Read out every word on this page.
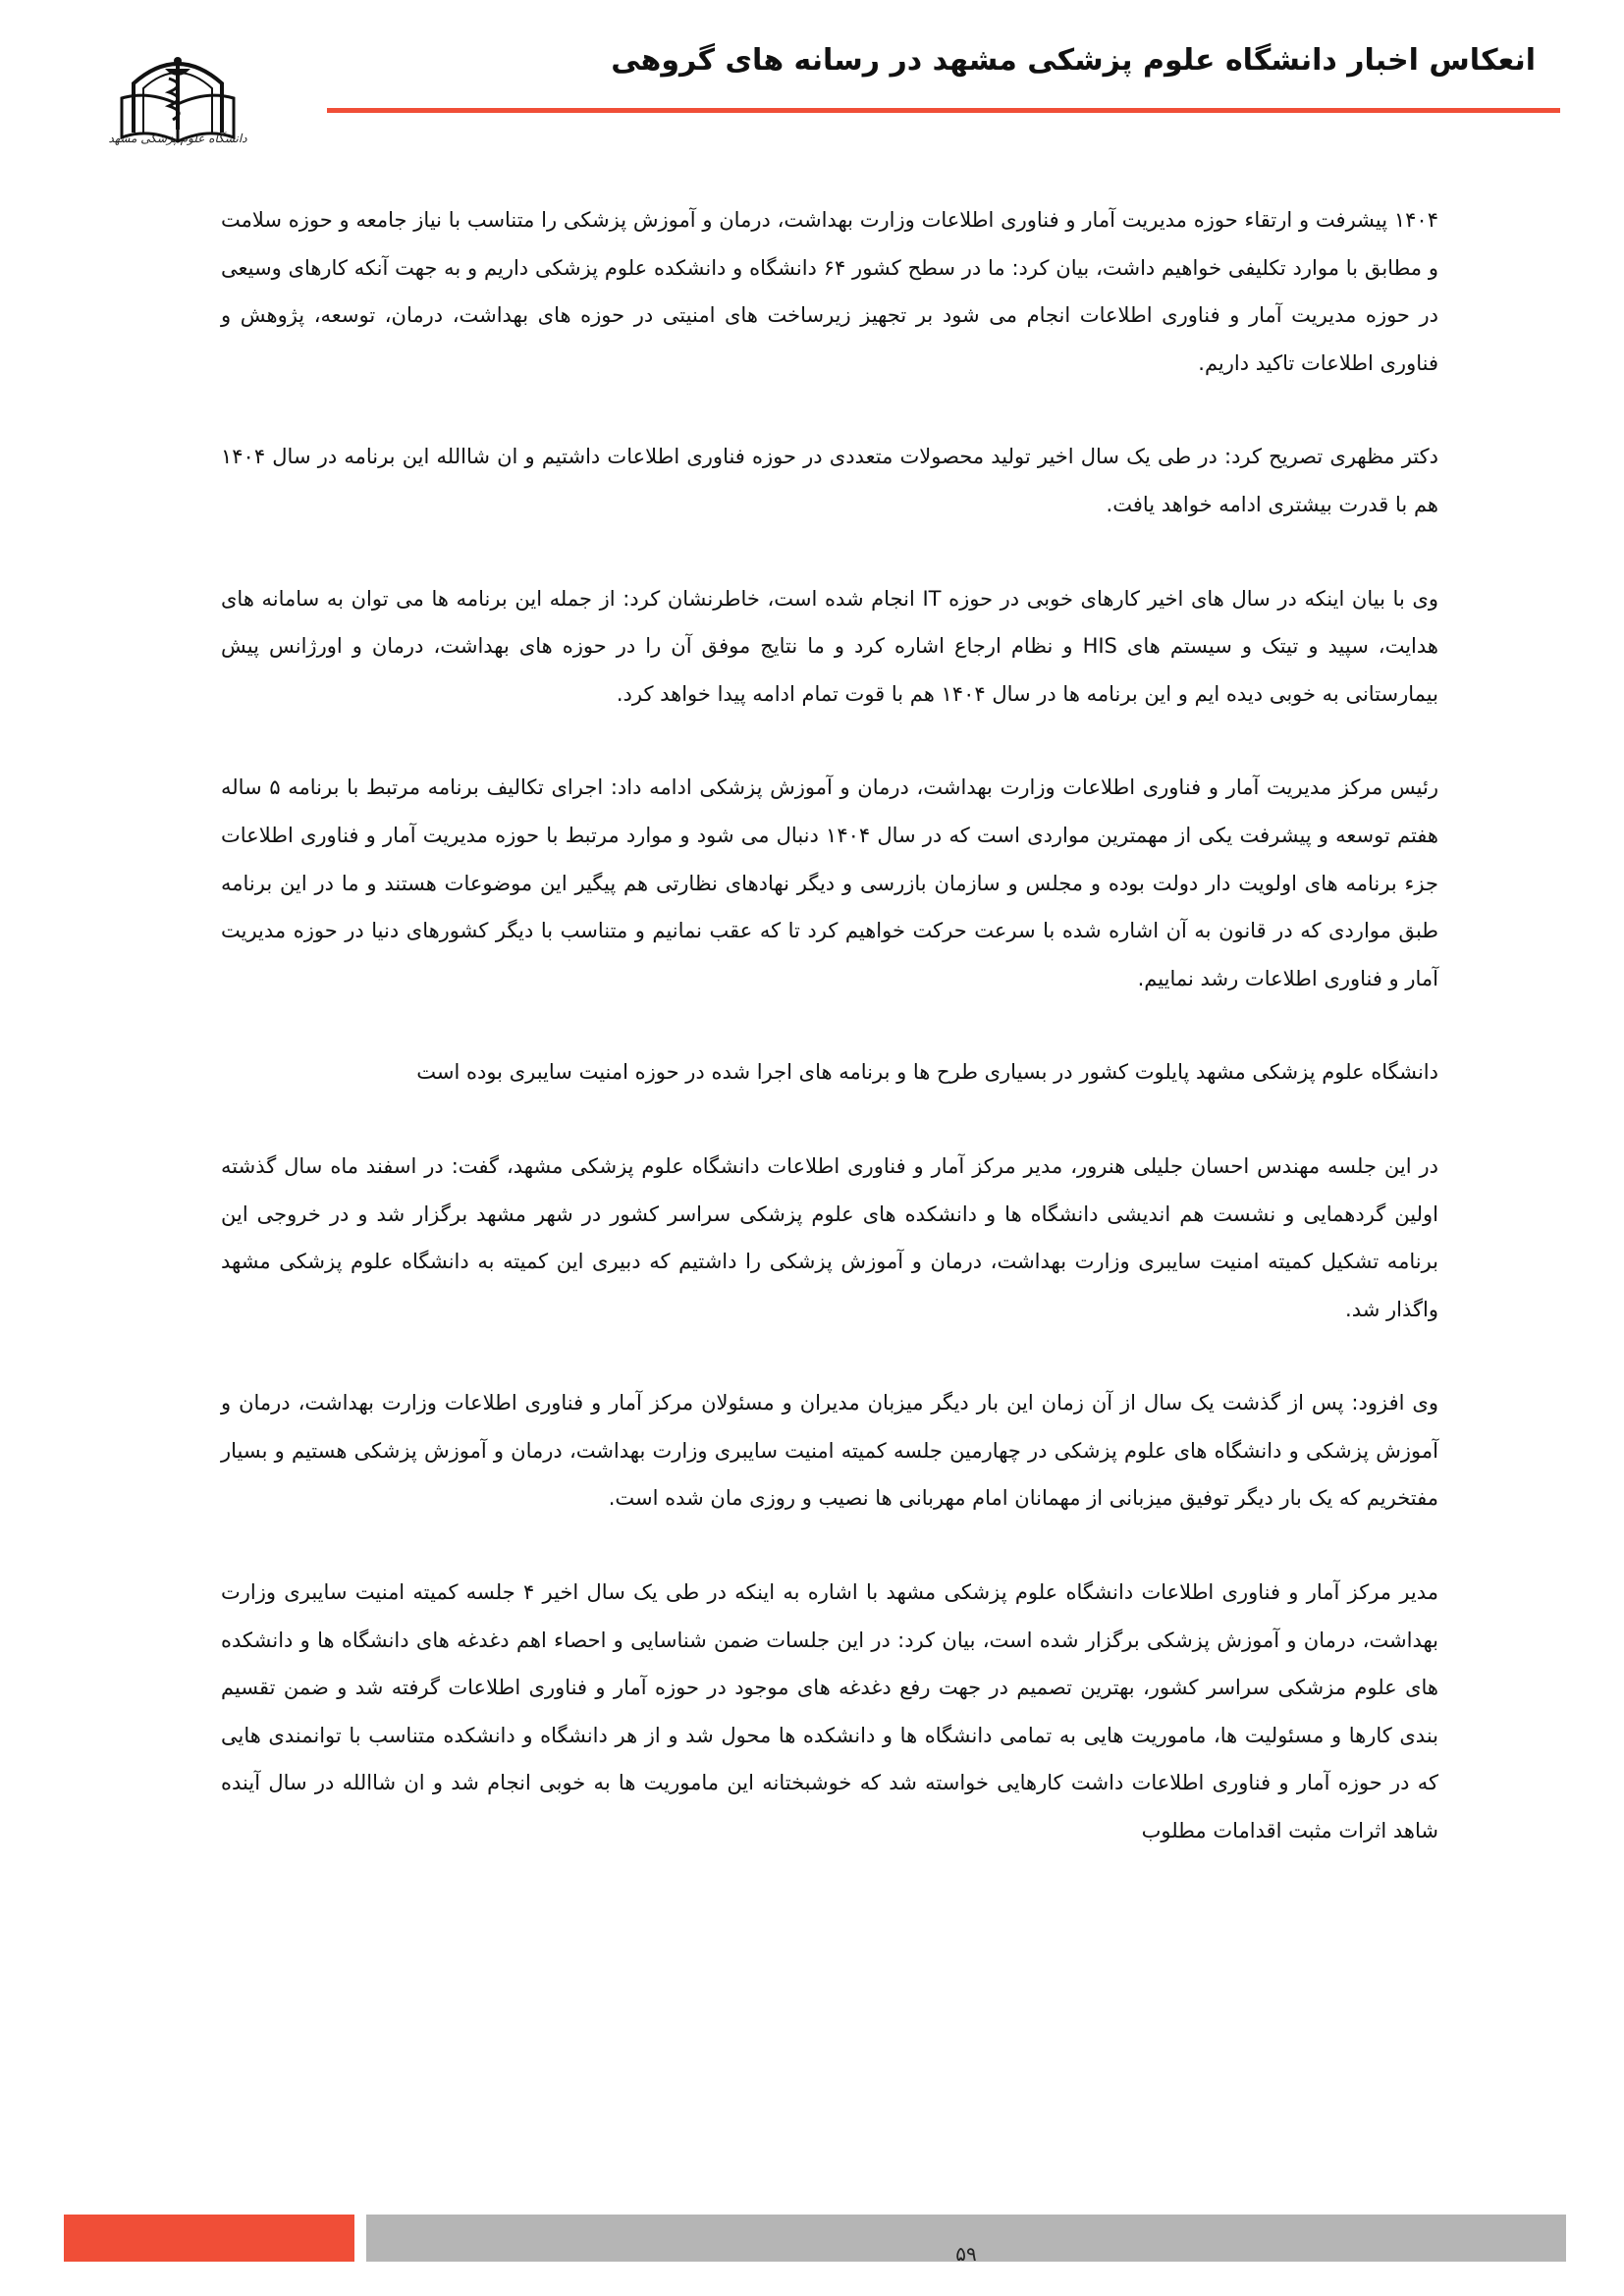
انعکاس اخبار دانشگاه علوم پزشکی مشهد در رسانه های گروهی
دانشگاه علوم پزشکی مشهد

۱۴۰۴ پیشرفت و ارتقاء حوزه مدیریت آمار و فناوری اطلاعات وزارت بهداشت، درمان و آموزش پزشکی را متناسب با نیاز جامعه و حوزه سلامت و مطابق با موارد تکلیفی خواهیم داشت، بیان کرد: ما در سطح کشور ۶۴ دانشگاه و دانشکده علوم پزشکی داریم و به جهت آنکه کارهای وسیعی در حوزه مدیریت آمار و فناوری اطلاعات انجام می شود بر تجهیز زیرساخت های امنیتی در حوزه های بهداشت، درمان، توسعه، پژوهش و فناوری اطلاعات تاکید داریم.

دکتر مظهری تصریح کرد: در طی یک سال اخیر تولید محصولات متعددی در حوزه فناوری اطلاعات داشتیم و ان شاالله این برنامه در سال ۱۴۰۴ هم با قدرت بیشتری ادامه خواهد یافت.

وی با بیان اینکه در سال های اخیر کارهای خوبی در حوزه IT انجام شده است، خاطرنشان کرد: از جمله این برنامه ها می توان به سامانه های هدایت، سپید و تیتک و سیستم های HIS و نظام ارجاع اشاره کرد و ما نتایج موفق آن را در حوزه های بهداشت، درمان و اورژانس پیش بیمارستانی به خوبی دیده ایم و این برنامه ها در سال ۱۴۰۴ هم با قوت تمام ادامه پیدا خواهد کرد.

رئیس مرکز مدیریت آمار و فناوری اطلاعات وزارت بهداشت، درمان و آموزش پزشکی ادامه داد: اجرای تکالیف برنامه مرتبط با برنامه ۵ ساله هفتم توسعه و پیشرفت یکی از مهمترین مواردی است که در سال ۱۴۰۴ دنبال می شود و موارد مرتبط با حوزه مدیریت آمار و فناوری اطلاعات جزء برنامه های اولویت دار دولت بوده و مجلس و سازمان بازرسی و دیگر نهادهای نظارتی هم پیگیر این موضوعات هستند و ما در این برنامه طبق مواردی که در قانون به آن اشاره شده با سرعت حرکت خواهیم کرد تا که عقب نمانیم و متناسب با دیگر کشورهای دنیا در حوزه مدیریت آمار و فناوری اطلاعات رشد نماییم.

دانشگاه علوم پزشکی مشهد پایلوت کشور در بسیاری طرح ها و برنامه های اجرا شده در حوزه امنیت سایبری بوده است

در این جلسه مهندس احسان جلیلی هنرور، مدیر مرکز آمار و فناوری اطلاعات دانشگاه علوم پزشکی مشهد، گفت: در اسفند ماه سال گذشته اولین گردهمایی و نشست هم اندیشی دانشگاه ها و دانشکده های علوم پزشکی سراسر کشور در شهر مشهد برگزار شد و در خروجی این برنامه تشکیل کمیته امنیت سایبری وزارت بهداشت، درمان و آموزش پزشکی را داشتیم که دبیری این کمیته به دانشگاه علوم پزشکی مشهد واگذار شد.

وی افزود: پس از گذشت یک سال از آن زمان این بار دیگر میزبان مدیران و مسئولان مرکز آمار و فناوری اطلاعات وزارت بهداشت، درمان و آموزش پزشکی و دانشگاه های علوم پزشکی در چهارمین جلسه کمیته امنیت سایبری وزارت بهداشت، درمان و آموزش پزشکی هستیم و بسیار مفتخریم که یک بار دیگر توفیق میزبانی از مهمانان امام مهربانی ها نصیب و روزی مان شده است.

مدیر مرکز آمار و فناوری اطلاعات دانشگاه علوم پزشکی مشهد با اشاره به اینکه در طی یک سال اخیر ۴ جلسه کمیته امنیت سایبری وزارت بهداشت، درمان و آموزش پزشکی برگزار شده است، بیان کرد: در این جلسات ضمن شناسایی و احصاء اهم دغدغه های دانشگاه ها و دانشکده های علوم مزشکی سراسر کشور، بهترین تصمیم در جهت رفع دغدغه های موجود در حوزه آمار و فناوری اطلاعات گرفته شد و ضمن تقسیم بندی کارها و مسئولیت ها، ماموریت هایی به تمامی دانشگاه ها و دانشکده ها محول شد و از هر دانشگاه و دانشکده متناسب با توانمندی هایی که در حوزه آمار و فناوری اطلاعات داشت کارهایی خواسته شد که خوشبختانه این ماموریت ها به خوبی انجام شد و ان شاالله در سال آینده شاهد اثرات مثبت اقدامات مطلوب

۵۹
